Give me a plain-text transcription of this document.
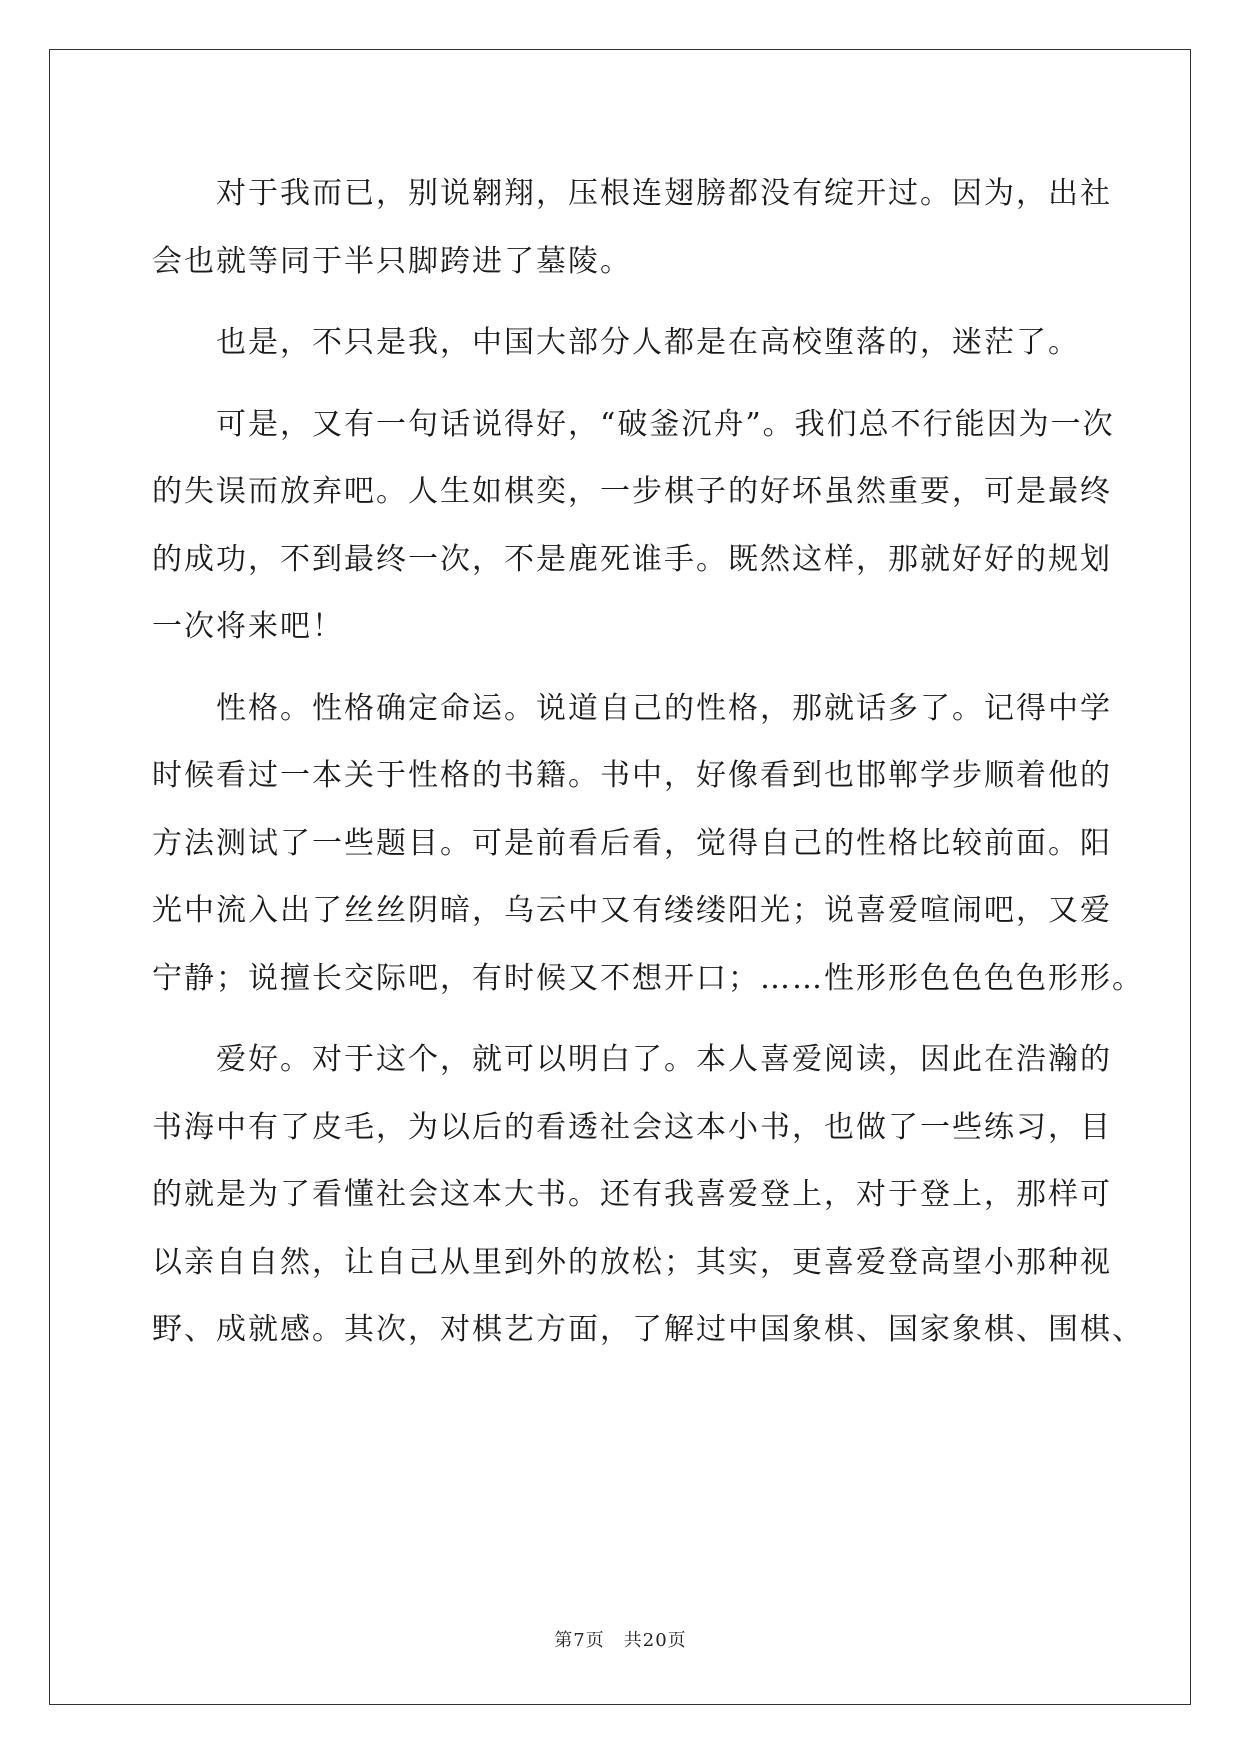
对于我而已，别说翱翔，压根连翅膀都没有绽开过。因为，出社
会也就等同于半只脚跨进了墓陵。
也是，不只是我，中国大部分人都是在高校堕落的，迷茫了。
可是，又有一句话说得好，“破釜沉舟”。我们总不行能因为一次
的失误而放弃吧。人生如棋奕，一步棋子的好坏虽然重要，可是最终
的成功，不到最终一次，不是鹿死谁手。既然这样，那就好好的规划
一次将来吧！
性格。性格确定命运。说道自己的性格，那就话多了。记得中学
时候看过一本关于性格的书籍。书中，好像看到也邯郸学步顺着他的
方法测试了一些题目。可是前看后看，觉得自己的性格比较前面。阳
光中流入出了丝丝阴暗，乌云中又有缕缕阳光；说喜爱喧闹吧，又爱
宁静；说擅长交际吧，有时候又不想开口；……性形形色色色色形形。
爱好。对于这个，就可以明白了。本人喜爱阅读，因此在浩瀚的
书海中有了皮毛，为以后的看透社会这本小书，也做了一些练习，目
的就是为了看懂社会这本大书。还有我喜爱登上，对于登上，那样可
以亲自自然，让自己从里到外的放松；其实，更喜爱登高望小那种视
野、成就感。其次，对棋艺方面，了解过中国象棋、国家象棋、围棋、
第7页　共20页
